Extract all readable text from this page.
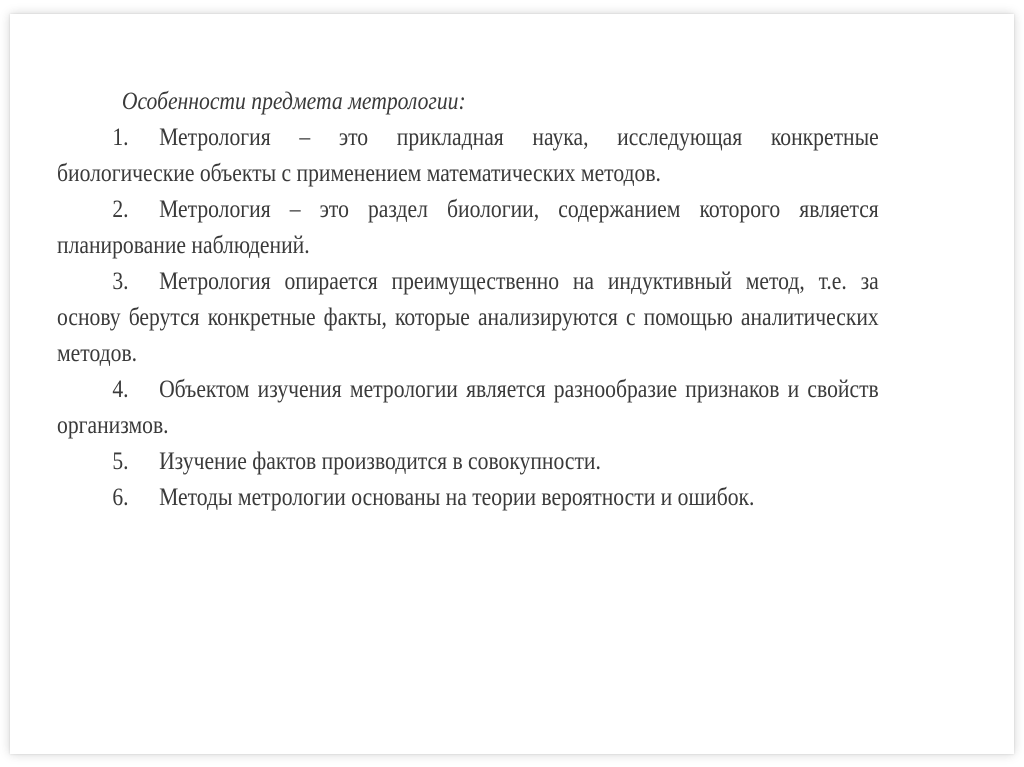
Особенности предмета метрологии:

1. Метрология – это прикладная наука, исследующая конкретные биологические объекты с применением математических методов.

2. Метрология – это раздел биологии, содержанием которого является планирование наблюдений.

3. Метрология опирается преимущественно на индуктивный метод, т.е. за основу берутся конкретные факты, которые анализируются с помощью аналитических методов.

4. Объектом изучения метрологии является разнообразие признаков и свойств организмов.

5. Изучение фактов производится в совокупности.

6. Методы метрологии основаны на теории вероятности и ошибок.
